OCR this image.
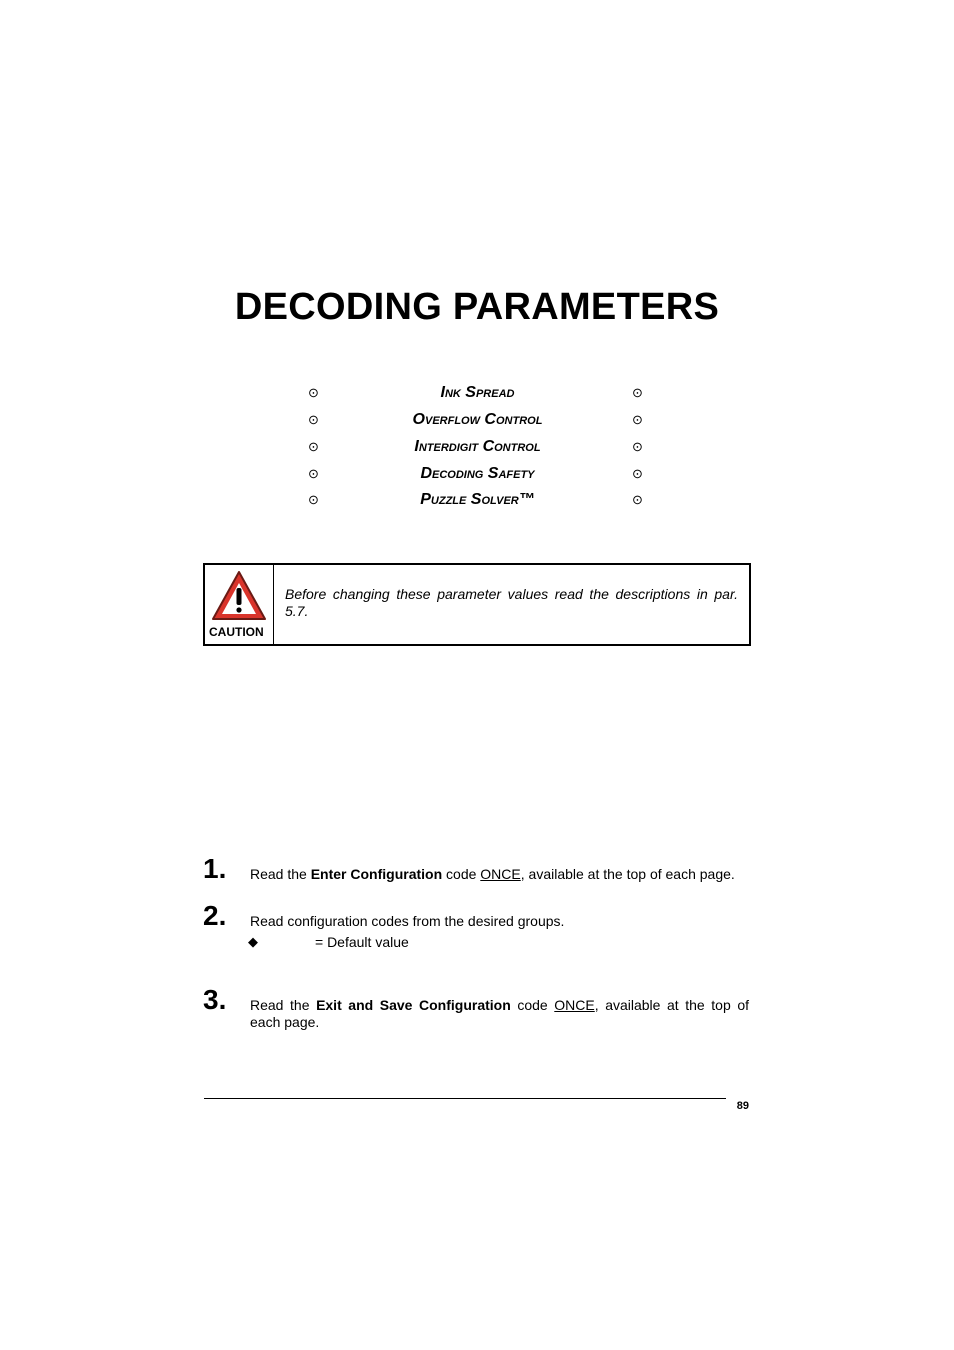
DECODING PARAMETERS
⊙	Ink Spread	⊙
⊙	Overflow Control	⊙
⊙	Interdigit Control	⊙
⊙	Decoding Safety	⊙
⊙	Puzzle Solver™	⊙
CAUTION
Before changing these parameter values read the descriptions in par. 5.7.
1. Read the Enter Configuration code ONCE, available at the top of each page.
2. Read configuration codes from the desired groups.
◆	= Default value
3. Read the Exit and Save Configuration code ONCE, available at the top of each page.
89
